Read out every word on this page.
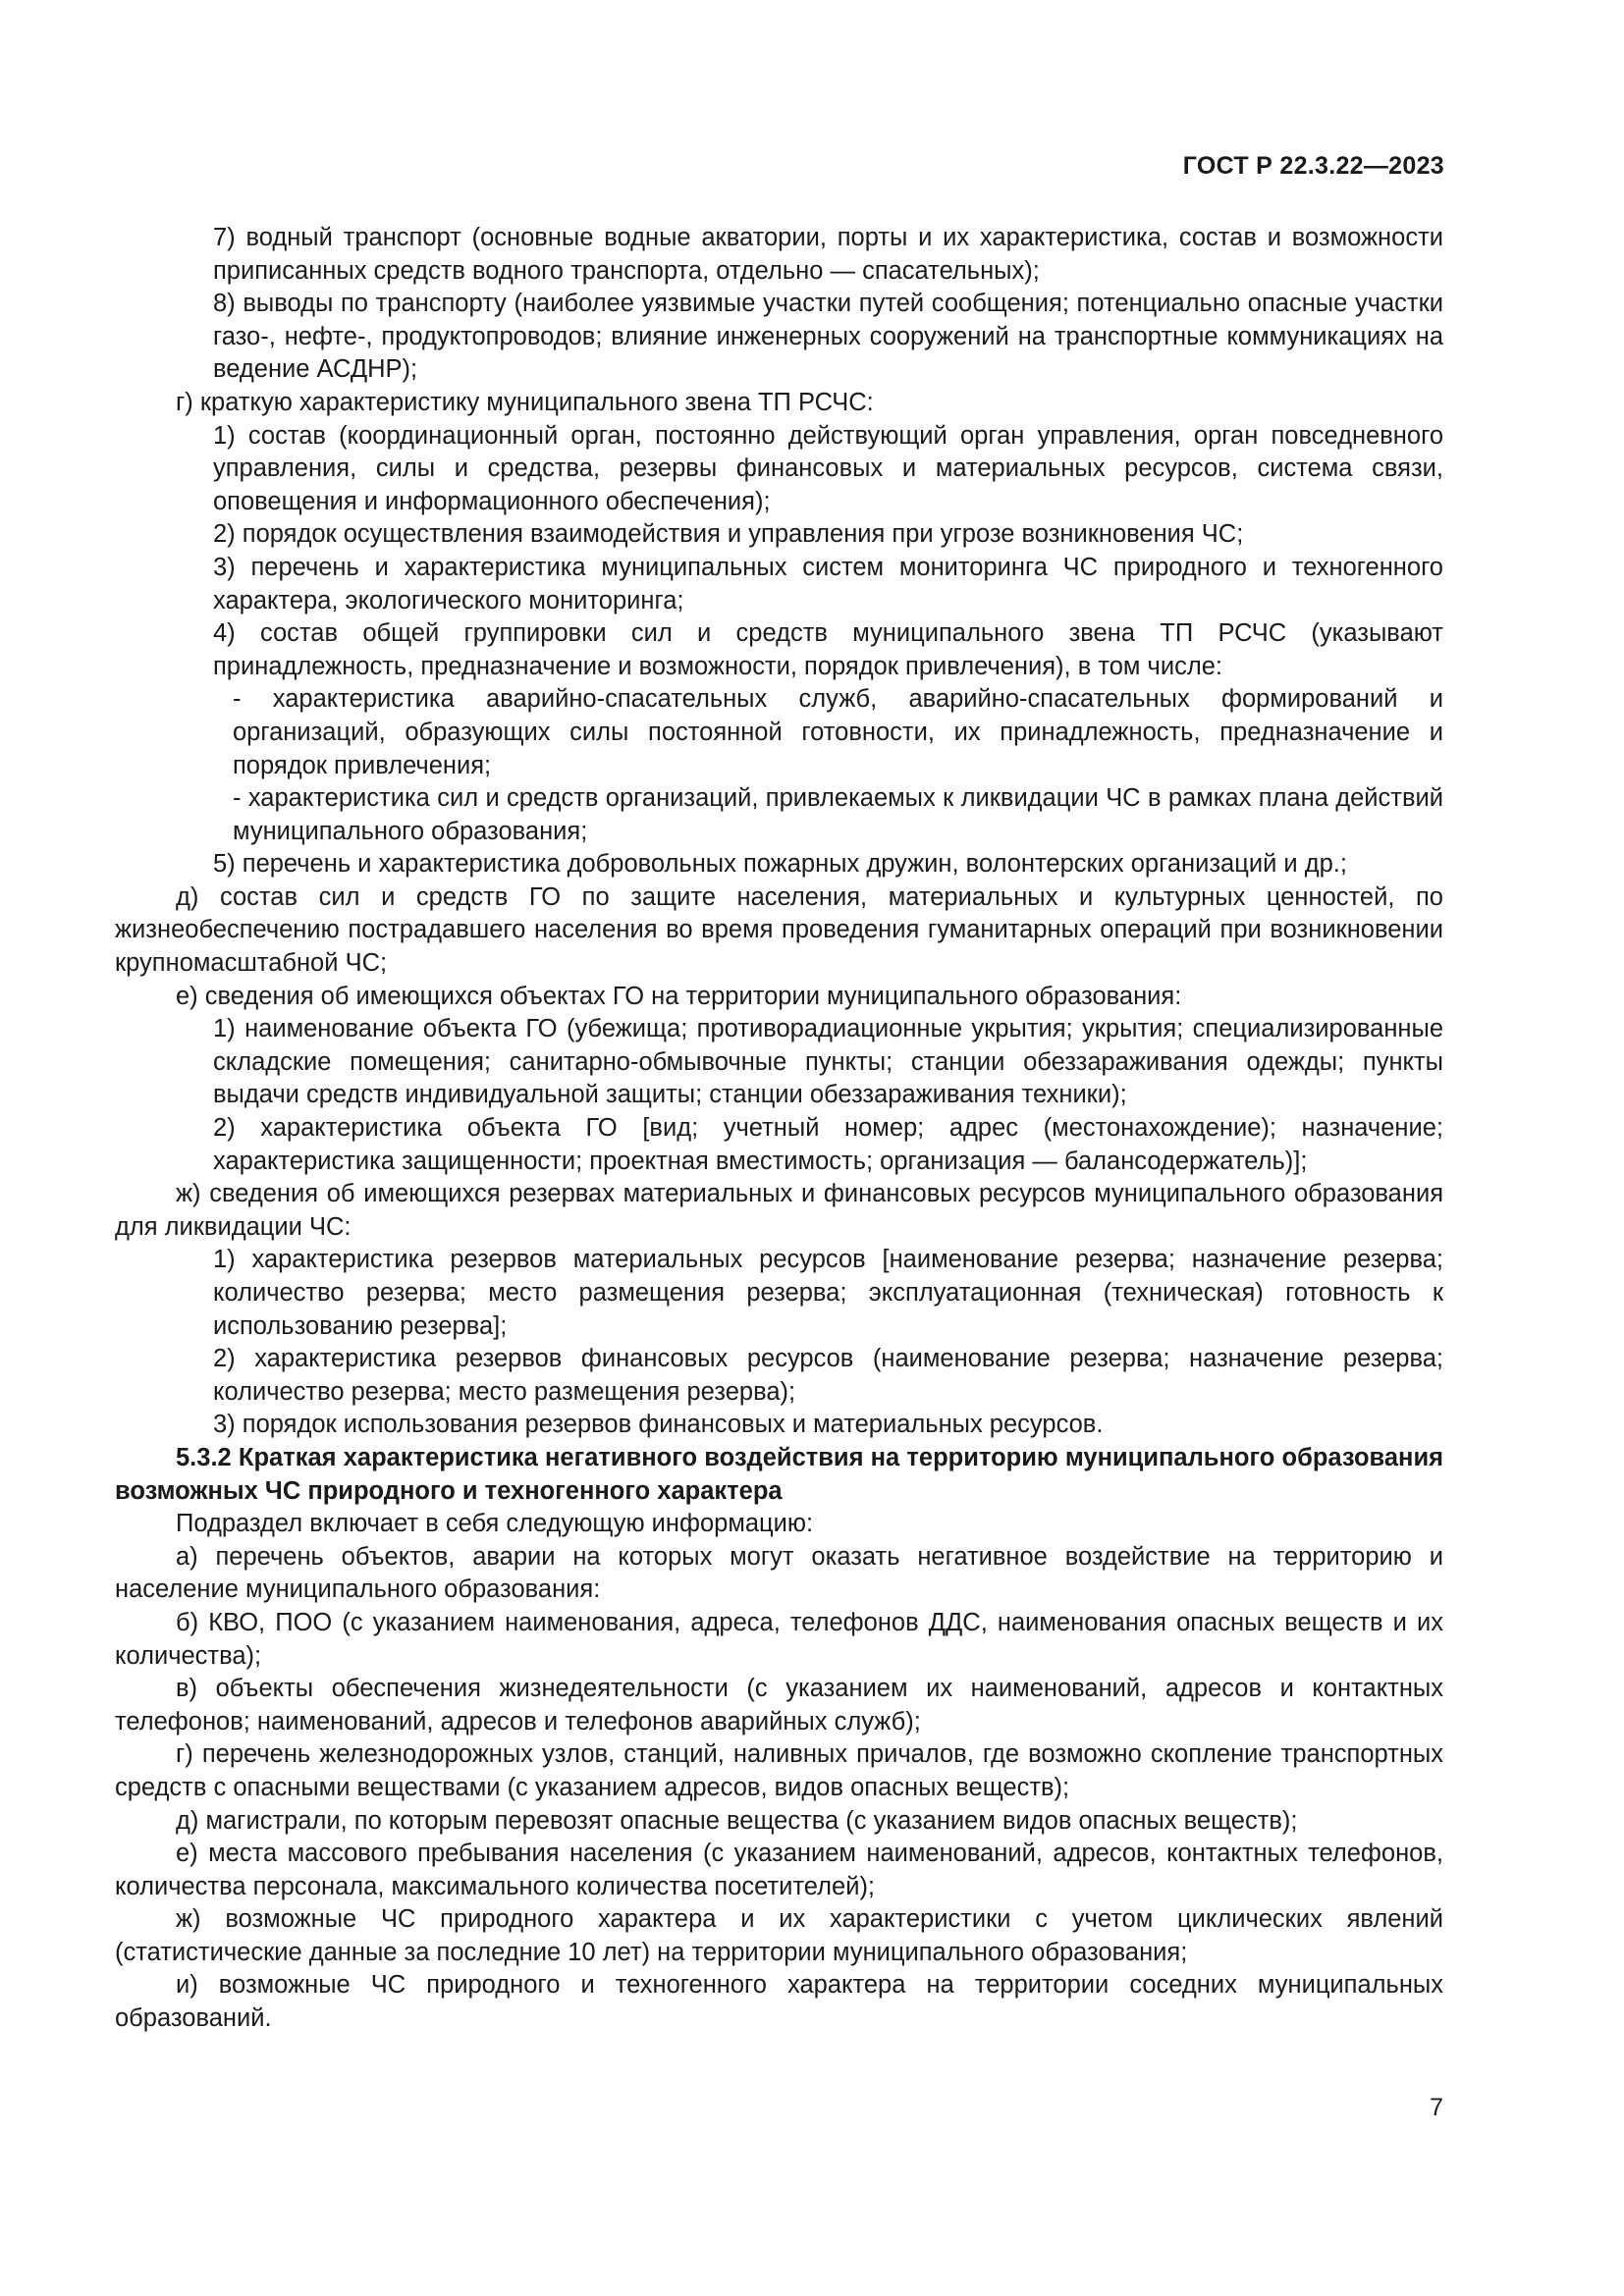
ГОСТ Р 22.3.22—2023

7) водный транспорт (основные водные акватории, порты и их характеристика, состав и возможности приписанных средств водного транспорта, отдельно — спасательных);

8) выводы по транспорту (наиболее уязвимые участки путей сообщения; потенциально опасные участки газо-, нефте-, продуктопроводов; влияние инженерных сооружений на транспортные коммуникациях на ведение АСДНР);

г) краткую характеристику муниципального звена ТП РСЧС:

1) состав (координационный орган, постоянно действующий орган управления, орган повседневного управления, силы и средства, резервы финансовых и материальных ресурсов, система связи, оповещения и информационного обеспечения);

2) порядок осуществления взаимодействия и управления при угрозе возникновения ЧС;

3) перечень и характеристика муниципальных систем мониторинга ЧС природного и техногенного характера, экологического мониторинга;

4) состав общей группировки сил и средств муниципального звена ТП РСЧС (указывают принадлежность, предназначение и возможности, порядок привлечения), в том числе:

- характеристика аварийно-спасательных служб, аварийно-спасательных формирований и организаций, образующих силы постоянной готовности, их принадлежность, предназначение и порядок привлечения;

- характеристика сил и средств организаций, привлекаемых к ликвидации ЧС в рамках плана действий муниципального образования;

5) перечень и характеристика добровольных пожарных дружин, волонтерских организаций и др.;

д) состав сил и средств ГО по защите населения, материальных и культурных ценностей, по жизнеобеспечению пострадавшего населения во время проведения гуманитарных операций при возникновении крупномасштабной ЧС;

е) сведения об имеющихся объектах ГО на территории муниципального образования:

1) наименование объекта ГО (убежища; противорадиационные укрытия; укрытия; специализированные складские помещения; санитарно-обмывочные пункты; станции обеззараживания одежды; пункты выдачи средств индивидуальной защиты; станции обеззараживания техники);

2) характеристика объекта ГО [вид; учетный номер; адрес (местонахождение); назначение; характеристика защищенности; проектная вместимость; организация — балансодержатель)];

ж) сведения об имеющихся резервах материальных и финансовых ресурсов муниципального образования для ликвидации ЧС:

1) характеристика резервов материальных ресурсов [наименование резерва; назначение резерва; количество резерва; место размещения резерва; эксплуатационная (техническая) готовность к использованию резерва];

2) характеристика резервов финансовых ресурсов (наименование резерва; назначение резерва; количество резерва; место размещения резерва);

3) порядок использования резервов финансовых и материальных ресурсов.

5.3.2 Краткая характеристика негативного воздействия на территорию муниципального образования возможных ЧС природного и техногенного характера

Подраздел включает в себя следующую информацию:

а) перечень объектов, аварии на которых могут оказать негативное воздействие на территорию и население муниципального образования:

б) КВО, ПОО (с указанием наименования, адреса, телефонов ДДС, наименования опасных веществ и их количества);

в) объекты обеспечения жизнедеятельности (с указанием их наименований, адресов и контактных телефонов; наименований, адресов и телефонов аварийных служб);

г) перечень железнодорожных узлов, станций, наливных причалов, где возможно скопление транспортных средств с опасными веществами (с указанием адресов, видов опасных веществ);

д) магистрали, по которым перевозят опасные вещества (с указанием видов опасных веществ);

е) места массового пребывания населения (с указанием наименований, адресов, контактных телефонов, количества персонала, максимального количества посетителей);

ж) возможные ЧС природного характера и их характеристики с учетом циклических явлений (статистические данные за последние 10 лет) на территории муниципального образования;

и) возможные ЧС природного и техногенного характера на территории соседних муниципальных образований.

7
